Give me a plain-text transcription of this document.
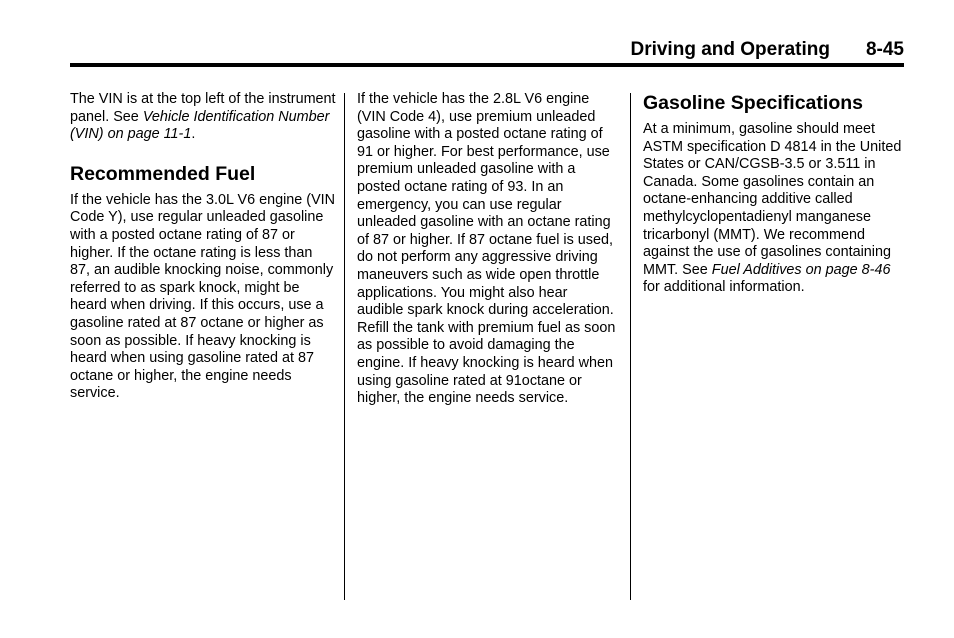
Driving and Operating 8-45

The VIN is at the top left of the instrument panel. See Vehicle Identification Number (VIN) on page 11-1.

Recommended Fuel

If the vehicle has the 3.0L V6 engine (VIN Code Y), use regular unleaded gasoline with a posted octane rating of 87 or higher. If the octane rating is less than 87, an audible knocking noise, commonly referred to as spark knock, might be heard when driving. If this occurs, use a gasoline rated at 87 octane or higher as soon as possible. If heavy knocking is heard when using gasoline rated at 87 octane or higher, the engine needs service.

If the vehicle has the 2.8L V6 engine (VIN Code 4), use premium unleaded gasoline with a posted octane rating of 91 or higher. For best performance, use premium unleaded gasoline with a posted octane rating of 93. In an emergency, you can use regular unleaded gasoline with an octane rating of 87 or higher. If 87 octane fuel is used, do not perform any aggressive driving maneuvers such as wide open throttle applications. You might also hear audible spark knock during acceleration. Refill the tank with premium fuel as soon as possible to avoid damaging the engine. If heavy knocking is heard when using gasoline rated at 91octane or higher, the engine needs service.

Gasoline Specifications

At a minimum, gasoline should meet ASTM specification D 4814 in the United States or CAN/CGSB-3.5 or 3.511 in Canada. Some gasolines contain an octane-enhancing additive called methylcyclopentadienyl manganese tricarbonyl (MMT). We recommend against the use of gasolines containing MMT. See Fuel Additives on page 8-46 for additional information.
